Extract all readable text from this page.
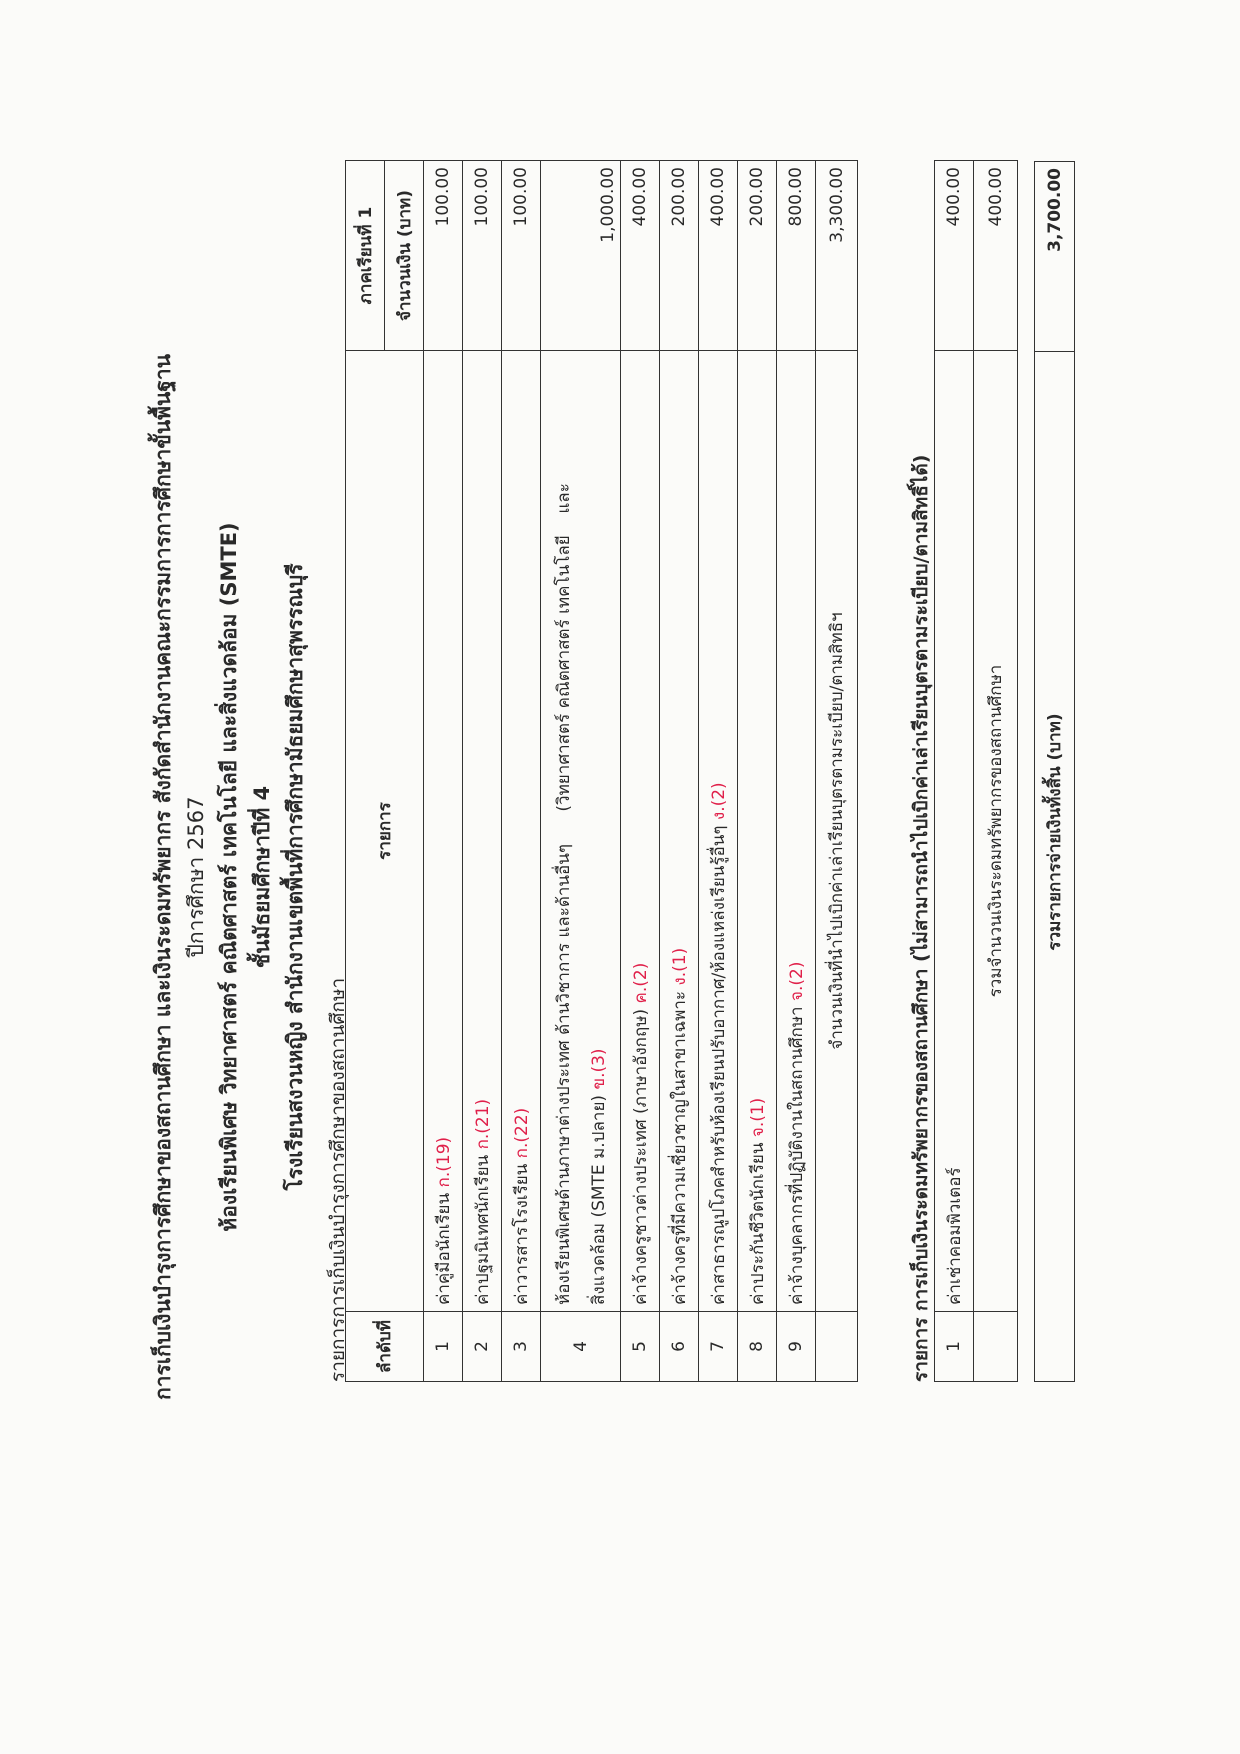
การเก็บเงินบำรุงการศึกษาของสถานศึกษา และเงินระดมทรัพยากร สังกัดสำนักงานคณะกรรมการการศึกษาขั้นพื้นฐาน ปีการศึกษา 2567 ห้องเรียนพิเศษ วิทยาศาสตร์ คณิตศาสตร์ เทคโนโลยี และสิ่งแวดล้อม (SMTE) ชั้นมัธยมศึกษาปีที่ 4 โรงเรียนสงวนหญิง สำนักงานเขตพื้นที่การศึกษามัธยมศึกษาสุพรรณบุรี รายการการเก็บเงินบำรุงการศึกษาของสถานศึกษา ลำดับที่	รายการ	ภาคเรียนที่ 1
		จำนวนเงิน (บาท)
1	ค่าคู่มือนักเรียน ก.(19)	100.00
2	ค่าปฐมนิเทศนักเรียน ก.(21)	100.00
3	ค่าวารสารโรงเรียน ก.(22)	100.00
4	ห้องเรียนพิเศษด้านภาษาต่างประเทศ ด้านวิชาการ และด้านอื่นๆ      (วิทยาศาสตร์ คณิตศาสตร์ เทคโนโลยี    และ สิ่งแวดล้อม (SMTE ม.ปลาย) ข.(3)	1,000.00
5	ค่าจ้างครูชาวต่างประเทศ (ภาษาอังกฤษ) ค.(2)	400.00
6	ค่าจ้างครูที่มีความเชี่ยวชาญในสาขาเฉพาะ ง.(1)	200.00
7	ค่าสาธารณูปโภคสำหรับห้องเรียนปรับอากาศ/ห้องแหล่งเรียนรู้อื่นๆ ง.(2)	400.00
8	ค่าประกันชีวิตนักเรียน จ.(1)	200.00
9	ค่าจ้างบุคลากรที่ปฏิบัติงานในสถานศึกษา จ.(2)	800.00
	จำนวนเงินที่นำไปเบิกค่าเล่าเรียนบุตรตามระเบียบ/ตามสิทธิฯ	3,300.00
รายการ การเก็บเงินระดมทรัพยากรของสถานศึกษา (ไม่สามารถนำไปเบิกค่าเล่าเรียนบุตรตามระเบียบ/ตามสิทธิ์ได้) 1	ค่าเช่าคอมพิวเตอร์	400.00
	รวมจำนวนเงินระดมทรัพยากรของสถานศึกษา	400.00
	รวมรายการจ่ายเงินทั้งสิ้น (บาท)	3,700.00
